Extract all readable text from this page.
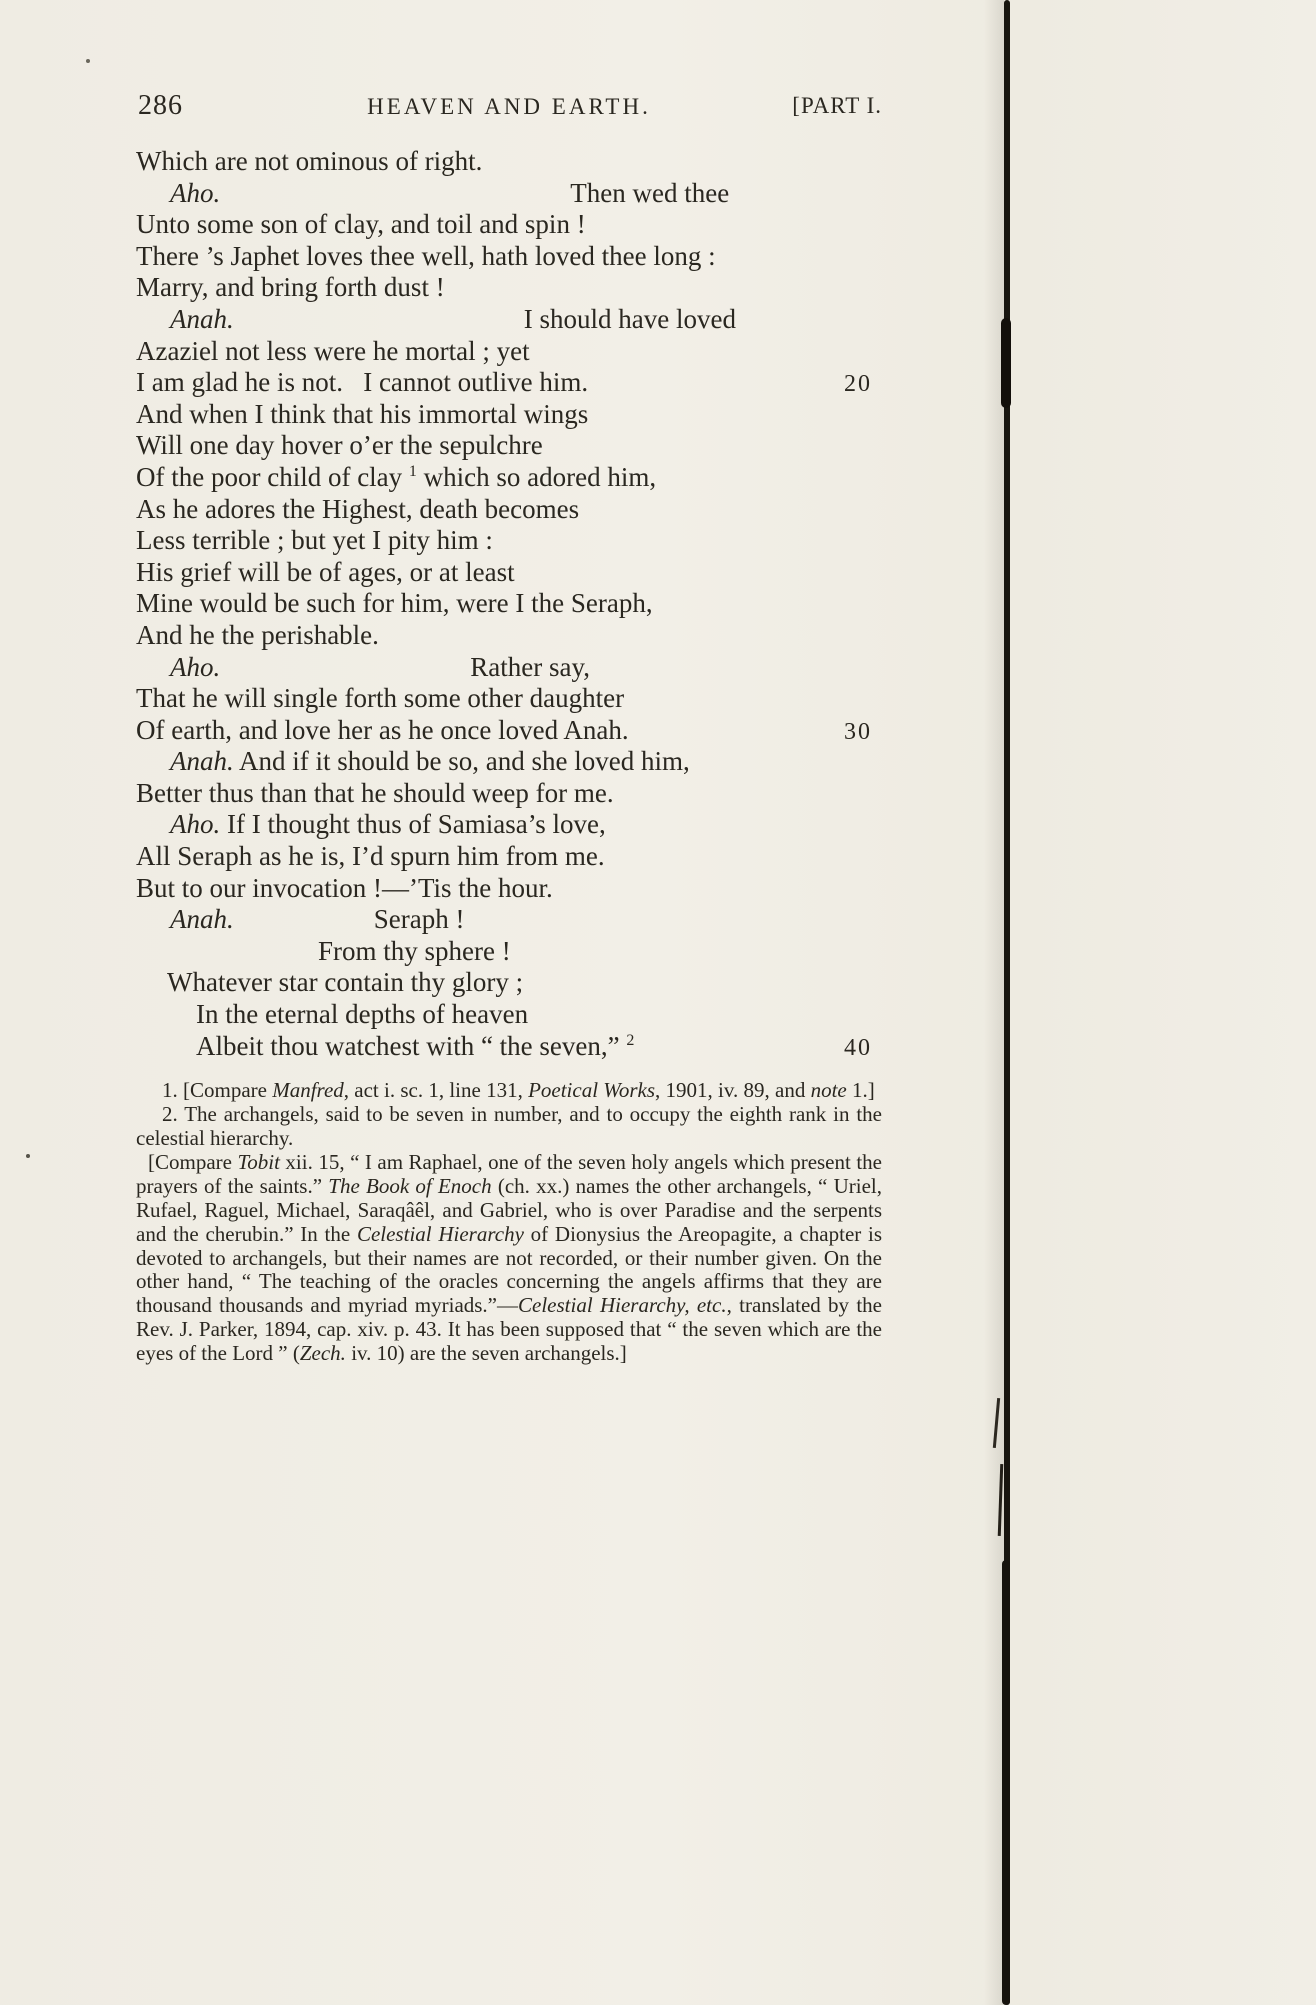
286	HEAVEN AND EARTH.	[PART I.
Which are not ominous of right.
Aho.	Then wed thee
Unto some son of clay, and toil and spin !
There ’s Japhet loves thee well, hath loved thee long :
Marry, and bring forth dust !
Anah.	I should have loved
Azaziel not less were he mortal ; yet
I am glad he is not.  I cannot outlive him.	20
And when I think that his immortal wings
Will one day hover o’er the sepulchre
Of the poor child of clay $^1$ which so adored him,
As he adores the Highest, death becomes
Less terrible ; but yet I pity him :
His grief will be of ages, or at least
Mine would be such for him, were I the Seraph,
And he the perishable.
Aho.	Rather say,
That he will single forth some other daughter
Of earth, and love her as he once loved Anah.	30
Anah. And if it should be so, and she loved him,
Better thus than that he should weep for me.
Aho. If I thought thus of Samiasa’s love,
All Seraph as he is, I’d spurn him from me.
But to our invocation !—’Tis the hour.
Anah.	Seraph !
From thy sphere !
Whatever star contain thy glory ;
In the eternal depths of heaven
Albeit thou watchest with “ the seven,” $^2$	40

1. [Compare Manfred, act i. sc. 1, line 131, Poetical Works, 1901, iv. 89, and note 1.]

2. The archangels, said to be seven in number, and to occupy the eighth rank in the celestial hierarchy.

[Compare Tobit xii. 15, “ I am Raphael, one of the seven holy angels which present the prayers of the saints.” The Book of Enoch (ch. xx.) names the other archangels, “ Uriel, Rufael, Raguel, Michael, Saraqâêl, and Gabriel, who is over Paradise and the serpents and the cherubin.” In the Celestial Hierarchy of Dionysius the Areopagite, a chapter is devoted to archangels, but their names are not recorded, or their number given. On the other hand, “ The teaching of the oracles concerning the angels affirms that they are thousand thousands and myriad myriads.”—Celestial Hierarchy, etc., translated by the Rev. J. Parker, 1894, cap. xiv. p. 43. It has been supposed that “ the seven which are the eyes of the Lord ” (Zech. iv. 10) are the seven archangels.]
